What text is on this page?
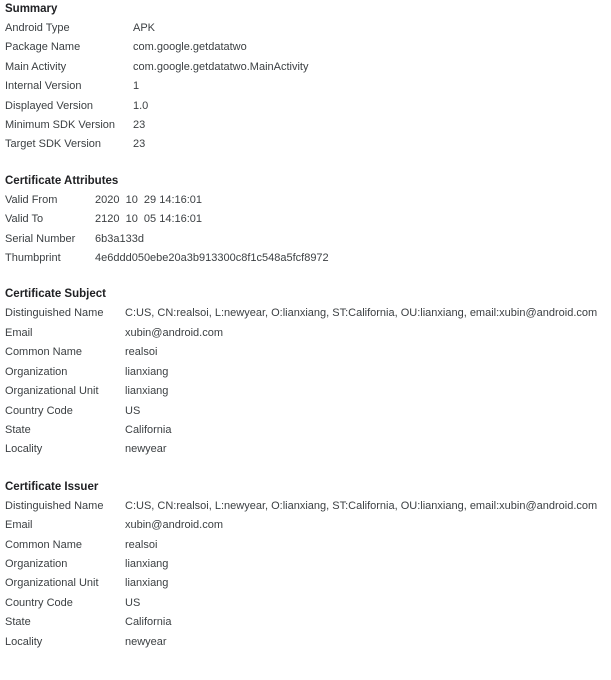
Summary
Android Type	APK
Package Name	com.google.getdatatwo
Main Activity	com.google.getdatatwo.MainActivity
Internal Version	1
Displayed Version	1.0
Minimum SDK Version	23
Target SDK Version	23
Certificate Attributes
Valid From	2020  10  29 14:16:01
Valid To	2120  10  05 14:16:01
Serial Number	6b3a133d
Thumbprint	4e6ddd050ebe20a3b913300c8f1c548a5fcf8972
Certificate Subject
Distinguished Name	C:US, CN:realsoi, L:newyear, O:lianxiang, ST:California, OU:lianxiang, email:xubin@android.com
Email	xubin@android.com
Common Name	realsoi
Organization	lianxiang
Organizational Unit	lianxiang
Country Code	US
State	California
Locality	newyear
Certificate Issuer
Distinguished Name	C:US, CN:realsoi, L:newyear, O:lianxiang, ST:California, OU:lianxiang, email:xubin@android.com
Email	xubin@android.com
Common Name	realsoi
Organization	lianxiang
Organizational Unit	lianxiang
Country Code	US
State	California
Locality	newyear
